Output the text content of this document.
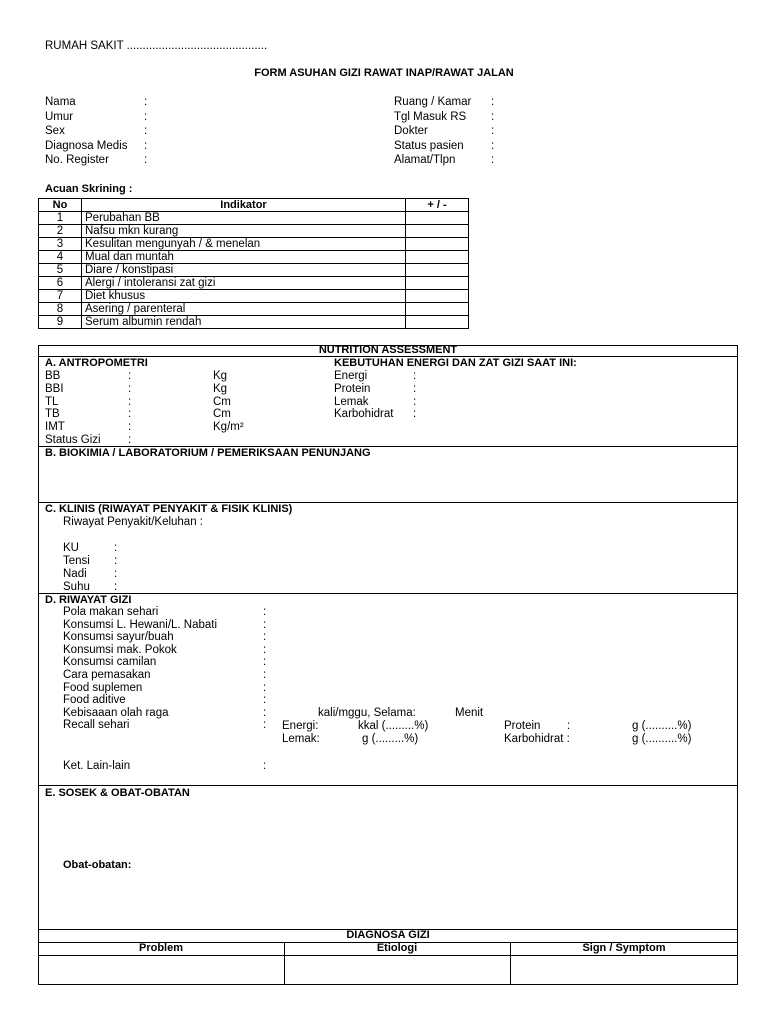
RUMAH SAKIT ............................................
FORM ASUHAN GIZI RAWAT INAP/RAWAT JALAN
Nama	:
Umur	:
Sex	:
Diagnosa Medis :
No. Register	:
Ruang / Kamar :
Tgl Masuk RS :
Dokter	:
Status pasien :
Alamat/Tlpn	:
Acuan Skrining :
No	Indikator	+ / -
1	Perubahan BB	
2	Nafsu mkn kurang	
3	Kesulitan mengunyah / & menelan	
4	Mual dan muntah	
5	Diare / konstipasi	
6	Alergi / intoleransi zat gizi	
7	Diet khusus	
8	Asering / parenteral	
9	Serum albumin rendah	
NUTRITION ASSESSMENT
A. ANTROPOMETRI	KEBUTUHAN ENERGI DAN ZAT GIZI SAAT INI:
BB	:	Kg
BBI	:	Kg
TL	:	Cm
TB	:	Cm
IMT	:	Kg/m²
Status Gizi :
Energi	:
Protein	:
Lemak	:
Karbohidrat :
B. BIOKIMIA / LABORATORIUM / PEMERIKSAAN PENUNJANG
C. KLINIS (RIWAYAT PENYAKIT & FISIK KLINIS)
Riwayat Penyakit/Keluhan :
KU	:
Tensi :
Nadi :
Suhu :
D. RIWAYAT GIZI
Pola makan sehari	:
Konsumsi L. Hewani/L. Nabati	:
Konsumsi sayur/buah	:
Konsumsi mak. Pokok	:
Konsumsi camilan	:
Cara pemasakan	:
Food suplemen	:
Food aditive	:
Kebisaaan olah raga	:
Recall sehari	:
kali/mggu, Selama:	Menit
Energi:	kkal (.........%)	Protein :	g (..........%)
Lemak:	g (.........%)	Karbohidrat :	g (..........%)
Ket. Lain-lain	:
E. SOSEK & OBAT-OBATAN
Obat-obatan:
DIAGNOSA GIZI
Problem	Etiologi	Sign / Symptom
